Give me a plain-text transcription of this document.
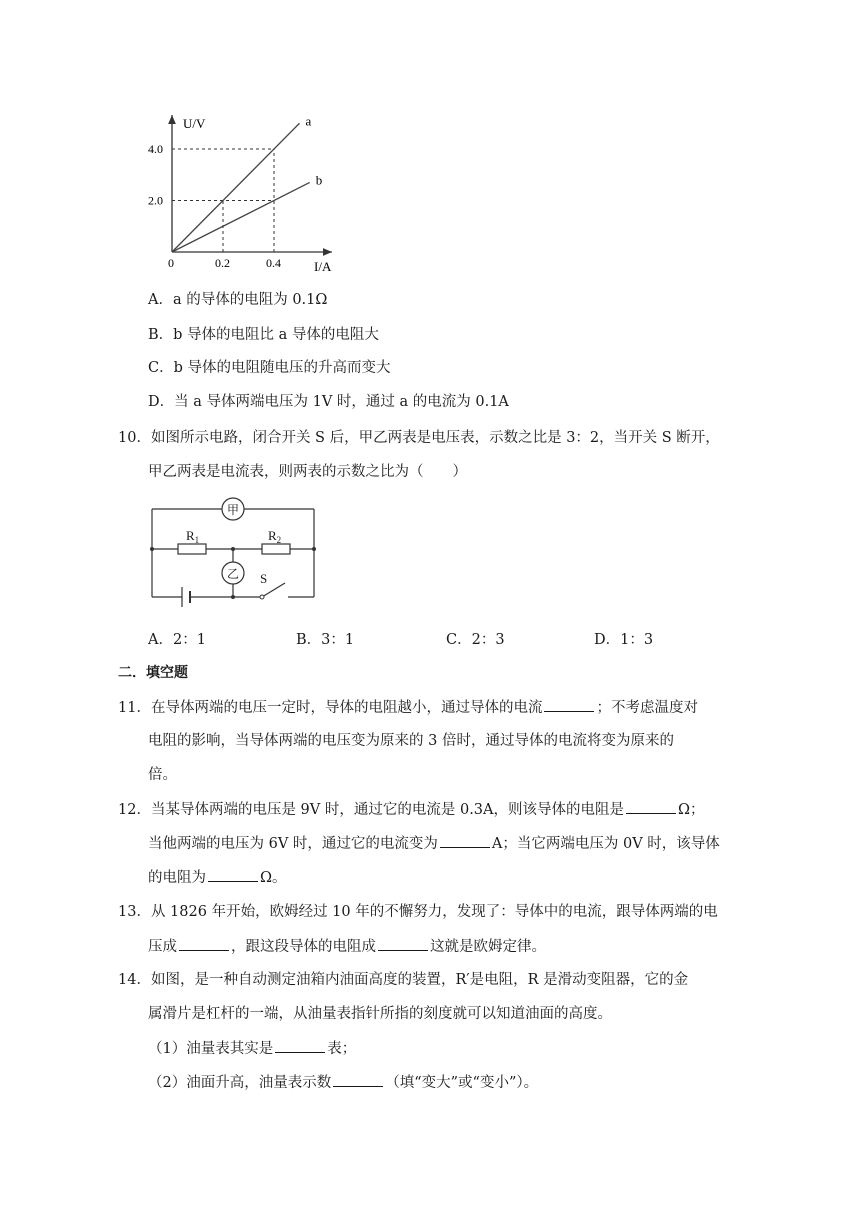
U/V
I/A
0
2.0
4.0
0.2	0.4
a
b
A．a 的导体的电阻为 0.1Ω
B．b 导体的电阻比 a 导体的电阻大
C．b 导体的电阻随电压的升高而变大
D．当 a 导体两端电压为 1V 时，通过 a 的电流为 0.1A
10．如图所示电路，闭合开关 S 后，甲乙两表是电压表，示数之比是 3：2，当开关 S 断开，
甲乙两表是电流表，则两表的示数之比为（　　）
甲
乙
$R_1$	$R_2$
S
A．2：1	B．3：1	C．2：3	D．1：3
二．填空题
11．在导体两端的电压一定时，导体的电阻越小，通过导体的电流	；不考虑温度对
电阻的影响，当导体两端的电压变为原来的 3 倍时，通过导体的电流将变为原来的
倍。
12．当某导体两端的电压是 9V 时，通过它的电流是 0.3A，则该导体的电阻是	Ω；
当他两端的电压为 6V 时，通过它的电流变为	A；当它两端电压为 0V 时，该导体
的电阻为	Ω。
13．从 1826 年开始，欧姆经过 10 年的不懈努力，发现了：导体中的电流，跟导体两端的电
压成	，跟这段导体的电阻成	这就是欧姆定律。
14．如图，是一种自动测定油箱内油面高度的装置，R′是电阻，R 是滑动变阻器，它的金
属滑片是杠杆的一端，从油量表指针所指的刻度就可以知道油面的高度。
（1）油量表其实是	表；
（2）油面升高，油量表示数	（填“变大”或“变小”）。
